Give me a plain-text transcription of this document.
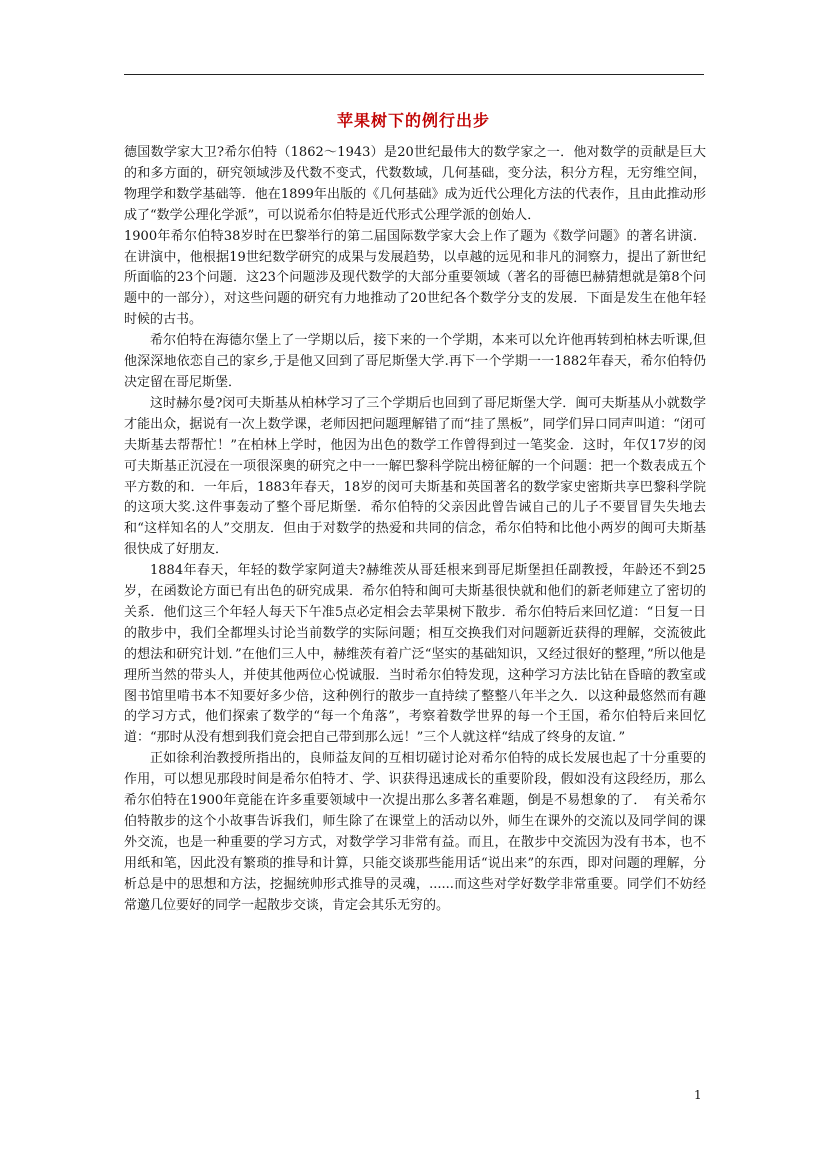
苹果树下的例行出步

德国数学家大卫?希尔伯特（1862～1943）是20世纪最伟大的数学家之一．他对数学的贡献是巨大的和多方面的，研究领域涉及代数不变式，代数数域，几何基础，变分法，积分方程，无穷维空间，物理学和数学基础等．他在1899年出版的《几何基础》成为近代公理化方法的代表作，且由此推动形成了“数学公理化学派”，可以说希尔伯特是近代形式公理学派的创始人．

1900年希尔伯特38岁时在巴黎举行的第二届国际数学家大会上作了题为《数学问题》的著名讲演．在讲演中，他根据19世纪数学研究的成果与发展趋势，以卓越的远见和非凡的洞察力，提出了新世纪所面临的23个问题．这23个问题涉及现代数学的大部分重要领域（著名的哥德巴赫猜想就是第8个问题中的一部分），对这些问题的研究有力地推动了20世纪各个数学分支的发展．下面是发生在他年轻时候的古书。

希尔伯特在海德尔堡上了一学期以后，接下来的一个学期，本来可以允许他再转到柏林去听课,但他深深地依恋自己的家乡,于是他又回到了哥尼斯堡大学.再下一个学期一一1882年春天，希尔伯特仍决定留在哥尼斯堡．

这时赫尔曼?闵可夫斯基从柏林学习了三个学期后也回到了哥尼斯堡大学．闽可夫斯基从小就数学才能出众，据说有一次上数学课，老师因把问题理解错了而“挂了黑板”，同学们异口同声叫道：“闭可夫斯基去帮帮忙！”在柏林上学时，他因为出色的数学工作曾得到过一笔奖金．这时，年仅17岁的闵可夫斯基正沉浸在一项很深奥的研究之中一一解巴黎科学院出榜征解的一个问题：把一个数表成五个平方数的和．一年后，1883年春天，18岁的闵可夫斯基和英国著名的数学家史密斯共享巴黎科学院的这项大奖.这件事轰动了整个哥尼斯堡．希尔伯特的父亲因此曾告诫自己的儿子不要冒冒失失地去和“这样知名的人”交朋友．但由于对数学的热爱和共同的信念，希尔伯特和比他小两岁的闽可夫斯基很快成了好朋友．

1884年春天，年轻的数学家阿道夫?赫维茨从哥廷根来到哥尼斯堡担任副教授，年龄还不到25岁，在函数论方面已有出色的研究成果．希尔伯特和闽可夫斯基很快就和他们的新老师建立了密切的关系．他们这三个年轻人每天下午准5点必定相会去苹果树下散步．希尔伯特后来回忆道：“日复一日的散步中，我们全都埋头讨论当前数学的实际问题；相互交换我们对问题新近获得的理解，交流彼此的想法和研究计划．”在他们三人中，赫维茨有着广泛“坚实的基础知识，又经过很好的整理，”所以他是理所当然的带头人，并使其他两位心悦诚服．当时希尔伯特发现，这种学习方法比钻在昏暗的教室或图书馆里啃书本不知要好多少倍，这种例行的散步一直持续了整整八年半之久．以这种最悠然而有趣的学习方式，他们探索了数学的“每一个角落”，考察着数学世界的每一个王国，希尔伯特后来回忆道：“那时从没有想到我们竟会把自己带到那么远！”三个人就这样“结成了终身的友谊．”

正如徐利治教授所指出的，良师益友间的互相切磋讨论对希尔伯特的成长发展也起了十分重要的作用，可以想见那段时间是希尔伯特才、学、识获得迅速成长的重要阶段，假如没有这段经历，那么希尔伯特在1900年竟能在许多重要领域中一次提出那么多著名难题，倒是不易想象的了．　有关希尔伯特散步的这个小故事告诉我们，师生除了在课堂上的活动以外，师生在课外的交流以及同学间的课外交流，也是一种重要的学习方式，对数学学习非常有益。而且，在散步中交流因为没有书本，也不用纸和笔，因此没有繁琐的推导和计算，只能交谈那些能用话“说出来”的东西，即对问题的理解，分析总是中的思想和方法，挖掘统帅形式推导的灵魂，......而这些对学好数学非常重要。同学们不妨经常邀几位要好的同学一起散步交谈，肯定会其乐无穷的。

1
